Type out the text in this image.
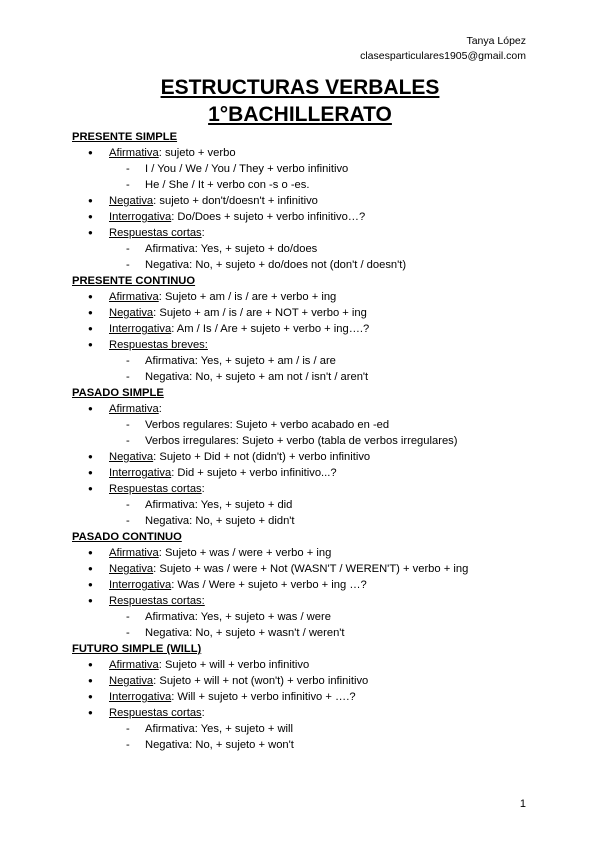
Tanya López
clasesparticulares1905@gmail.com
ESTRUCTURAS VERBALES
1°BACHILLERATO
PRESENTE SIMPLE
● Afirmativa: sujeto + verbo
- I / You / We / You / They + verbo infinitivo
- He / She / It + verbo con -s o -es.
● Negativa: sujeto + don't/doesn't + infinitivo
● Interrogativa: Do/Does + sujeto + verbo infinitivo…?
● Respuestas cortas:
- Afirmativa: Yes, + sujeto + do/does
- Negativa: No, + sujeto + do/does not (don't / doesn't)
PRESENTE CONTINUO
● Afirmativa: Sujeto + am / is / are + verbo + ing
● Negativa: Sujeto + am / is / are + NOT + verbo + ing
● Interrogativa: Am / Is / Are + sujeto + verbo + ing….?
● Respuestas breves:
- Afirmativa: Yes, + sujeto + am / is / are
- Negativa: No, + sujeto + am not / isn't / aren't
PASADO SIMPLE
● Afirmativa:
- Verbos regulares: Sujeto + verbo acabado en -ed
- Verbos irregulares: Sujeto + verbo (tabla de verbos irregulares)
● Negativa: Sujeto + Did + not (didn't) + verbo infinitivo
● Interrogativa: Did + sujeto + verbo infinitivo...?
● Respuestas cortas:
- Afirmativa: Yes, + sujeto + did
- Negativa: No, + sujeto + didn't
PASADO CONTINUO
● Afirmativa: Sujeto + was / were + verbo + ing
● Negativa: Sujeto + was / were + Not (WASN'T / WEREN'T) + verbo + ing
● Interrogativa: Was / Were + sujeto + verbo + ing …?
● Respuestas cortas:
- Afirmativa: Yes, + sujeto + was / were
- Negativa: No, + sujeto + wasn't / weren't
FUTURO SIMPLE (WILL)
● Afirmativa: Sujeto + will + verbo infinitivo
● Negativa: Sujeto + will + not (won't) + verbo infinitivo
● Interrogativa: Will + sujeto + verbo infinitivo + ….?
● Respuestas cortas:
- Afirmativa: Yes, + sujeto + will
- Negativa: No, + sujeto + won't
1
